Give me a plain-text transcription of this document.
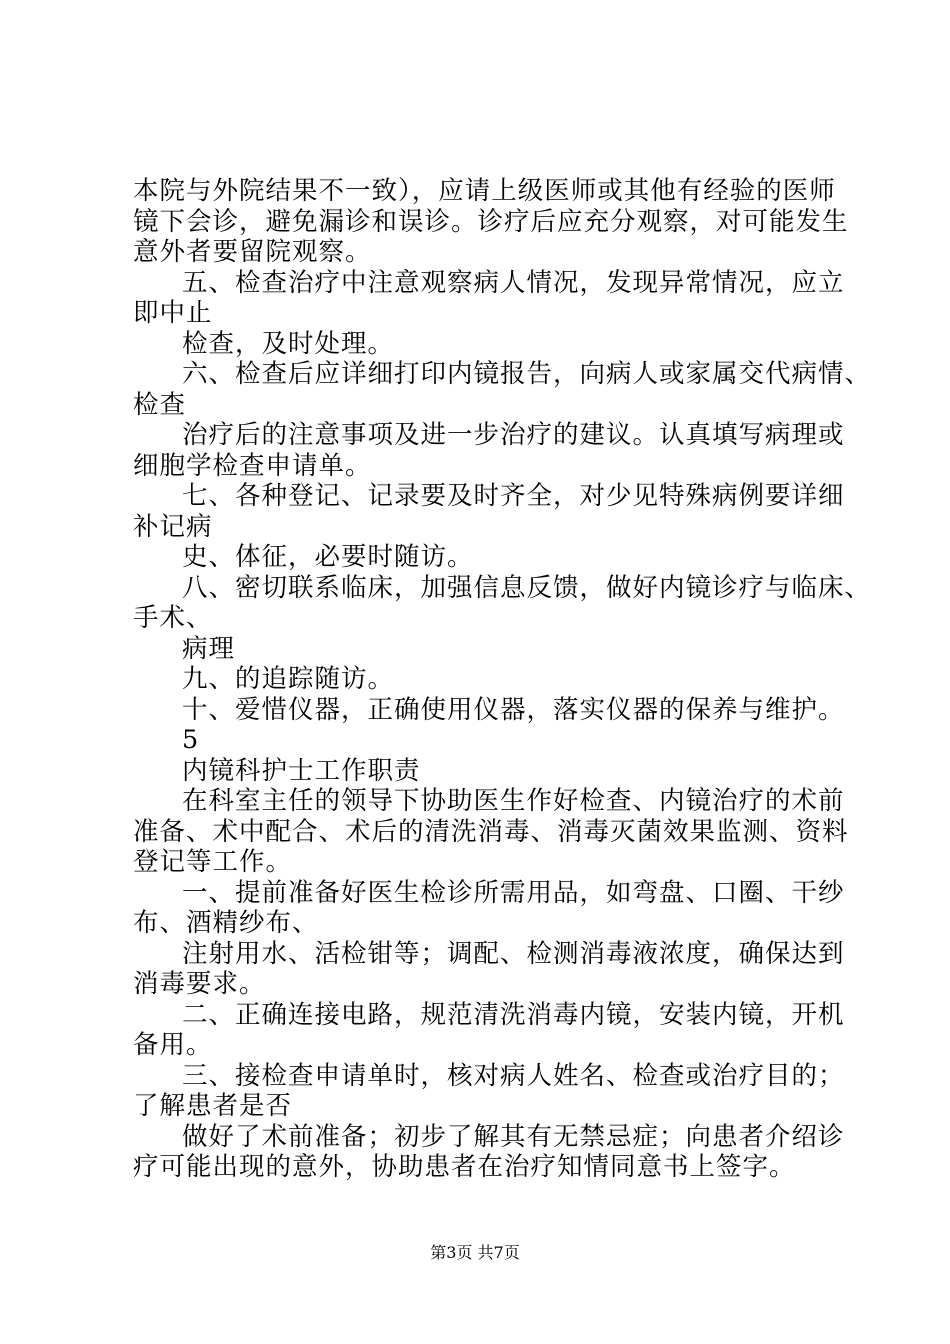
本院与外院结果不一致），应请上级医师或其他有经验的医师
镜下会诊，避免漏诊和误诊。诊疗后应充分观察，对可能发生
意外者要留院观察。
五、检查治疗中注意观察病人情况，发现异常情况，应立
即中止
检查，及时处理。
六、检查后应详细打印内镜报告，向病人或家属交代病情、
检查
治疗后的注意事项及进一步治疗的建议。认真填写病理或
细胞学检查申请单。
七、各种登记、记录要及时齐全，对少见特殊病例要详细
补记病
史、体征，必要时随访。
八、密切联系临床，加强信息反馈，做好内镜诊疗与临床、
手术、
病理
九、的追踪随访。
十、爱惜仪器，正确使用仪器，落实仪器的保养与维护。
5
内镜科护士工作职责
在科室主任的领导下协助医生作好检查、内镜治疗的术前
准备、术中配合、术后的清洗消毒、消毒灭菌效果监测、资料
登记等工作。
一、提前准备好医生检诊所需用品，如弯盘、口圈、干纱
布、酒精纱布、
注射用水、活检钳等；调配、检测消毒液浓度，确保达到
消毒要求。
二、正确连接电路，规范清洗消毒内镜，安装内镜，开机
备用。
三、接检查申请单时，核对病人姓名、检查或治疗目的；
了解患者是否
做好了术前准备；初步了解其有无禁忌症；向患者介绍诊
疗可能出现的意外，协助患者在治疗知情同意书上签字。
第3页 共7页
